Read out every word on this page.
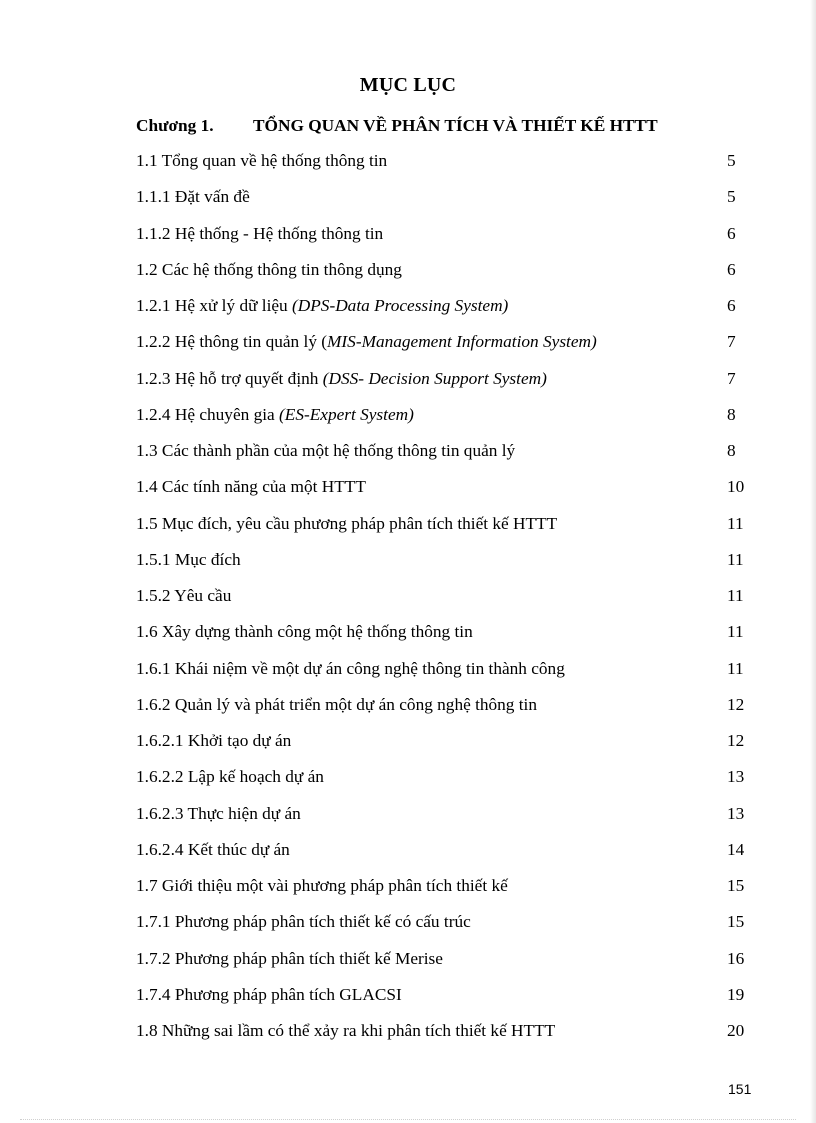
MỤC LỤC
Chương 1. TỔNG QUAN VỀ PHÂN TÍCH VÀ THIẾT KẾ HTTT
1.1 Tổng quan về hệ thống thông tin	5
1.1.1 Đặt vấn đề	5
1.1.2 Hệ thống - Hệ thống thông tin	6
1.2 Các hệ thống thông tin thông dụng	6
1.2.1 Hệ xử lý dữ liệu (DPS-Data Processing System)	6
1.2.2 Hệ thông tin quản lý (MIS-Management Information System)	7
1.2.3 Hệ hỗ trợ quyết định (DSS- Decision Support System)	7
1.2.4 Hệ chuyên gia (ES-Expert System)	8
1.3 Các thành phần của một hệ thống thông tin quản lý	8
1.4 Các tính năng của một HTTT	10
1.5 Mục đích, yêu cầu phương pháp phân tích thiết kế HTTT	11
1.5.1 Mục đích	11
1.5.2 Yêu cầu	11
1.6 Xây dựng thành công một hệ thống thông tin	11
1.6.1 Khái niệm về một dự án công nghệ thông tin thành công	11
1.6.2 Quản lý và phát triển một dự án công nghệ thông tin	12
1.6.2.1 Khởi tạo dự án	12
1.6.2.2 Lập kế hoạch dự án	13
1.6.2.3 Thực hiện dự án	13
1.6.2.4 Kết thúc dự án	14
1.7 Giới thiệu một vài phương pháp phân tích thiết kế	15
1.7.1 Phương pháp phân tích thiết kế có cấu trúc	15
1.7.2 Phương pháp phân tích thiết kế Merise	16
1.7.4 Phương pháp phân tích GLACSI	19
1.8 Những sai lầm có thể xảy ra khi phân tích thiết kế HTTT	20
151
